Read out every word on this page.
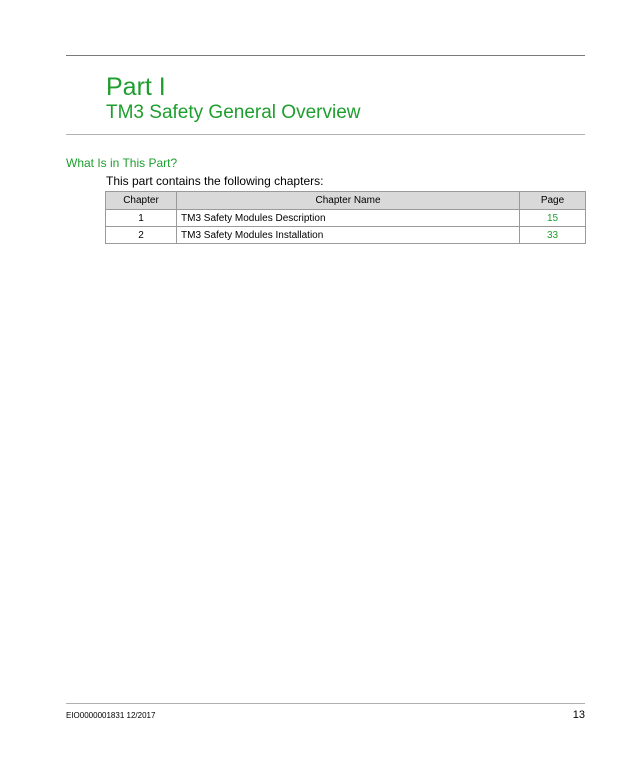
Part I
TM3 Safety General Overview
What Is in This Part?

This part contains the following chapters:

Chapter	Chapter Name	Page
1	TM3 Safety Modules Description	15
2	TM3 Safety Modules Installation	33

EIO0000001831 12/2017	13
